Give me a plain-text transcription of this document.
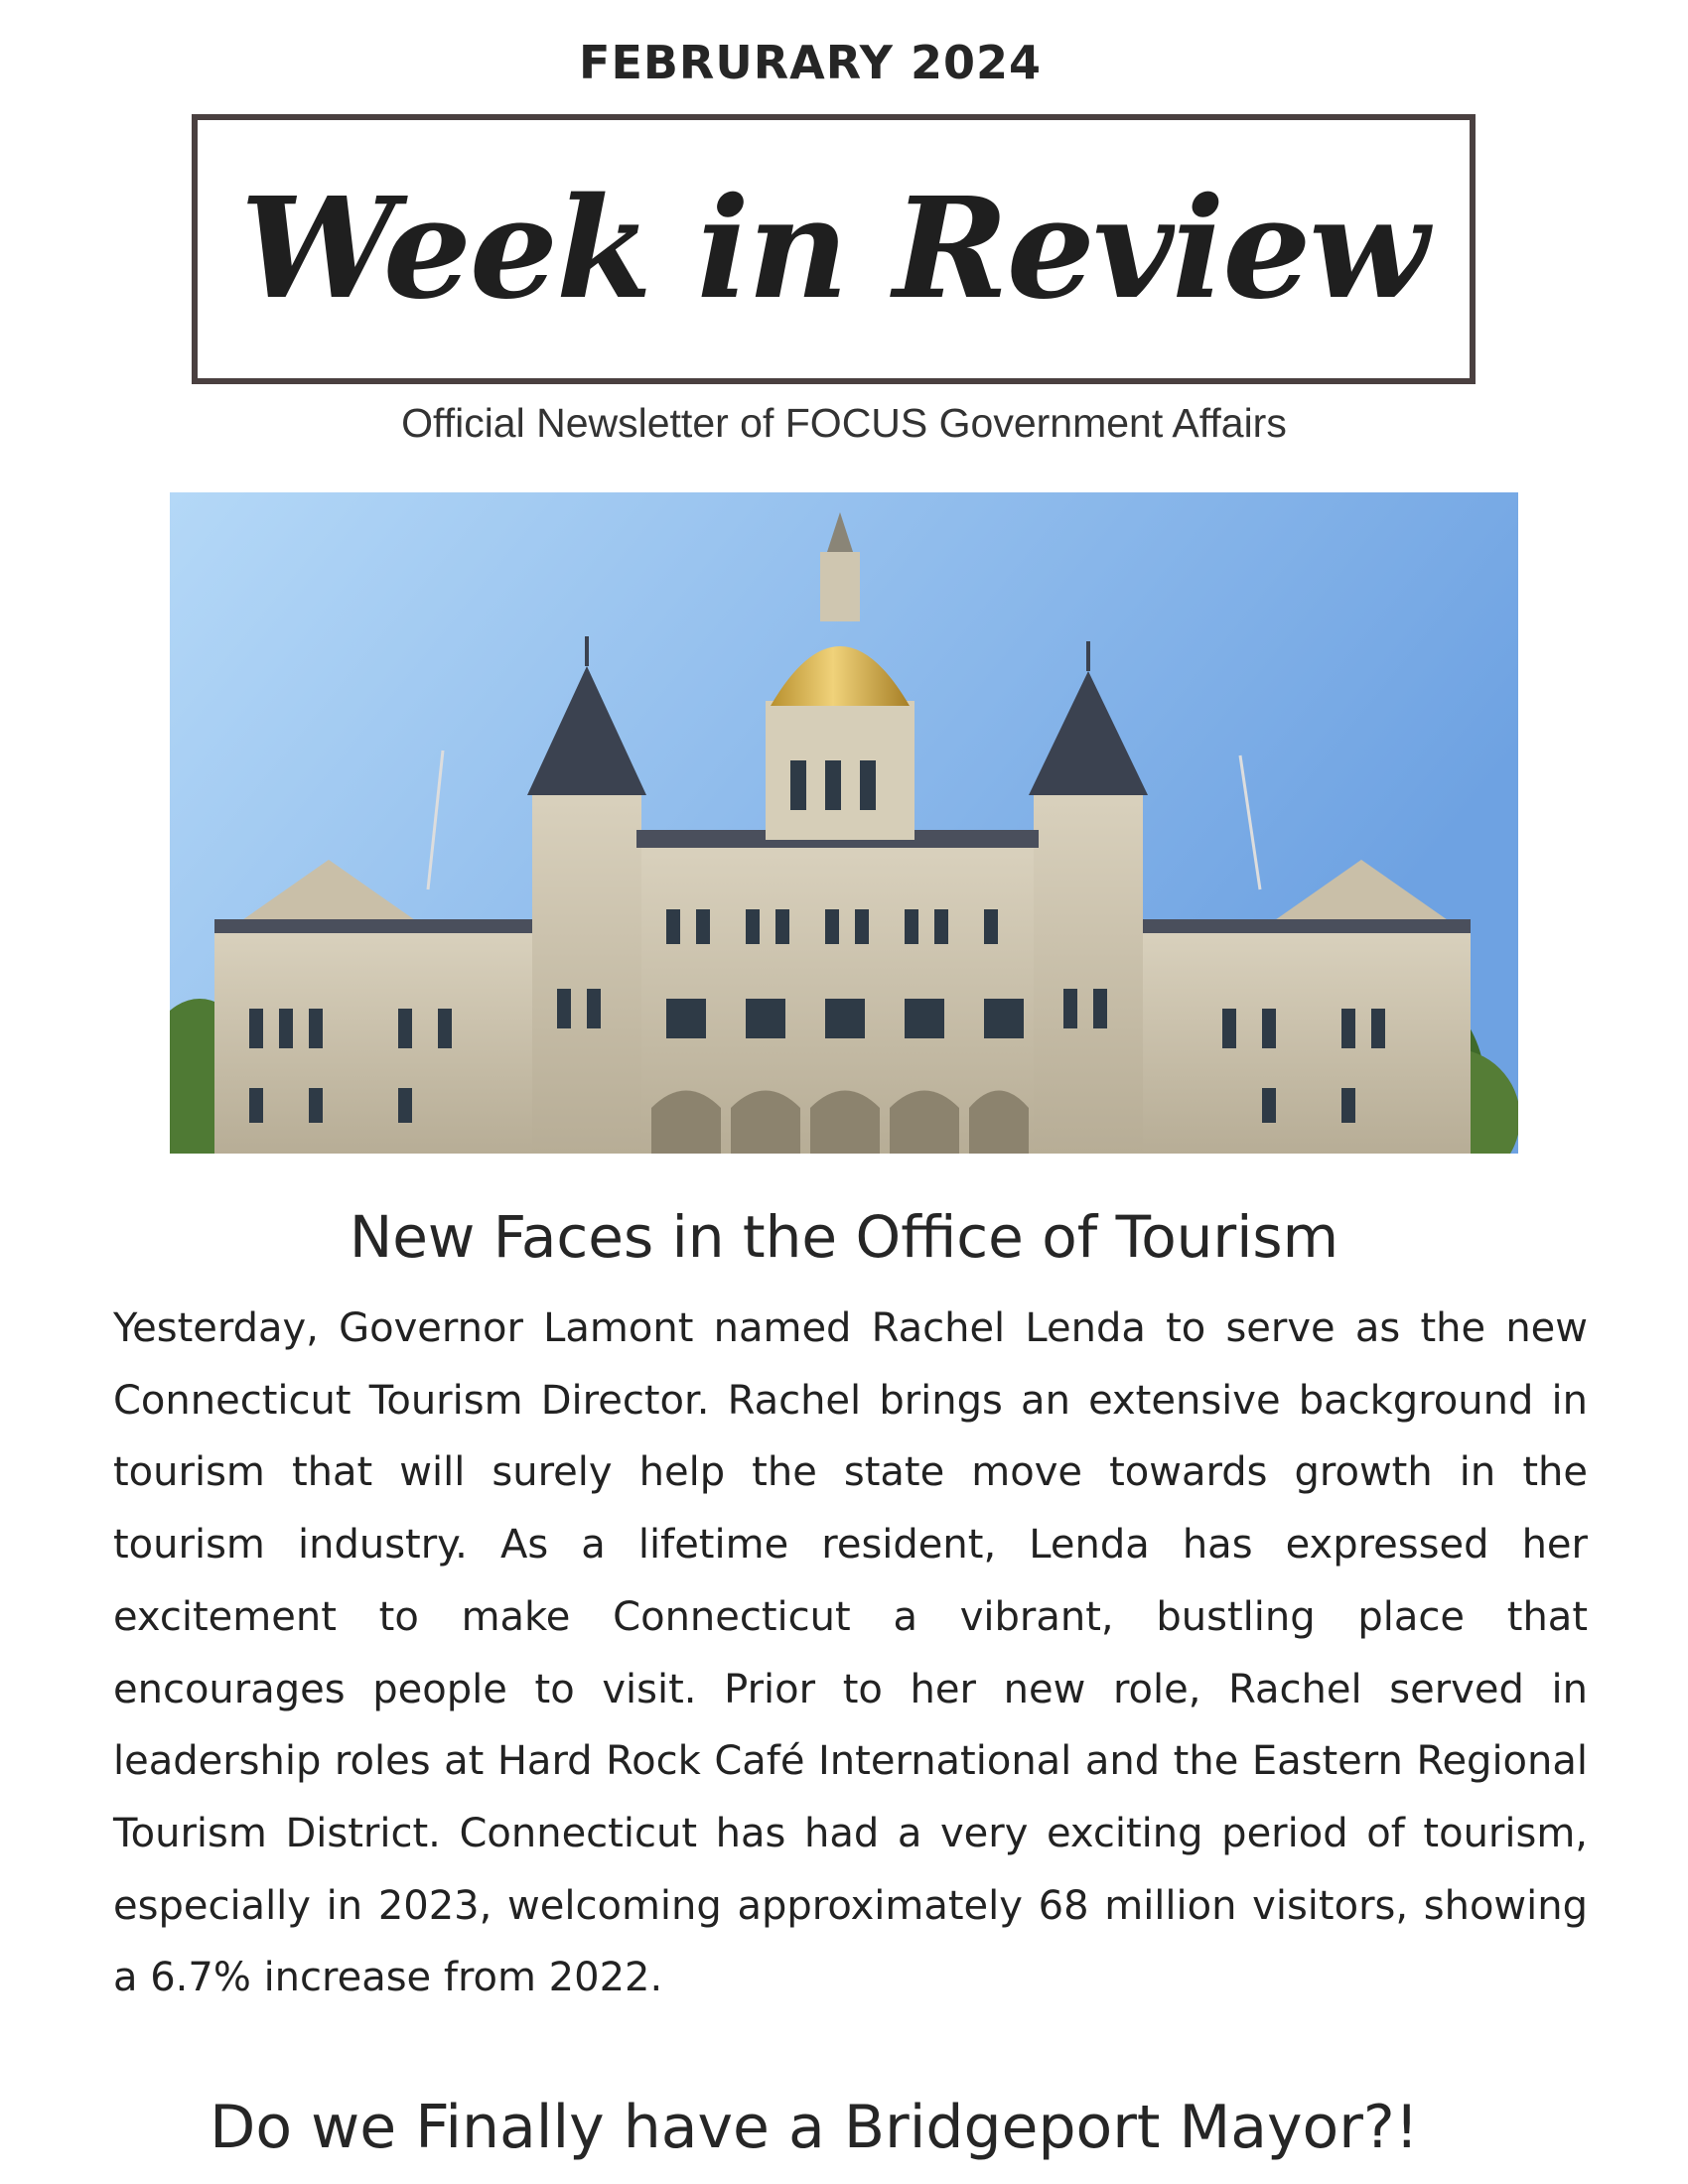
FEBRURARY 2024
Week in Review
Official Newsletter of FOCUS Government Affairs
New Faces in the Office of Tourism

Yesterday, Governor Lamont named Rachel Lenda to serve as the new Connecticut Tourism Director. Rachel brings an extensive background in tourism that will surely help the state move towards growth in the tourism industry. As a lifetime resident, Lenda has expressed her excitement to make Connecticut a vibrant, bustling place that encourages people to visit. Prior to her new role, Rachel served in leadership roles at Hard Rock Café International and the Eastern Regional Tourism District. Connecticut has had a very exciting period of tourism, especially in 2023, welcoming approximately 68 million visitors, showing a 6.7% increase from 2022.

Do we Finally have a Bridgeport Mayor?!
